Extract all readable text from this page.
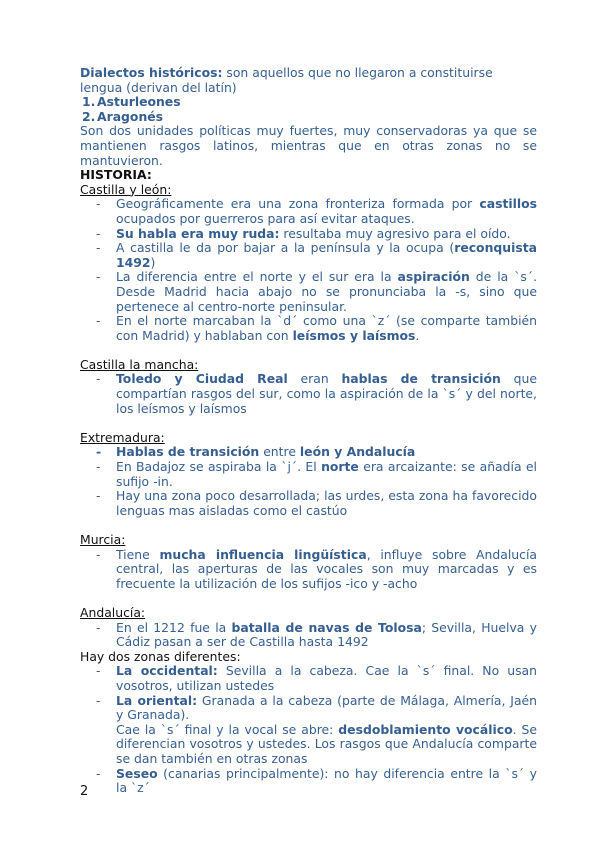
Dialectos históricos: son aquellos que no llegaron a constituirse lengua (derivan del latín)

1. Asturleones
2. Aragonés

Son dos unidades políticas muy fuertes, muy conservadoras ya que se mantienen rasgos latinos, mientras que en otras zonas no se mantuvieron.

HISTORIA:

Castilla y león:

- Geográficamente era una zona fronteriza formada por castillos ocupados por guerreros para así evitar ataques.
- Su habla era muy ruda: resultaba muy agresivo para el oído.
- A castilla le da por bajar a la península y la ocupa (reconquista 1492)
- La diferencia entre el norte y el sur era la aspiración de la `s´. Desde Madrid hacia abajo no se pronunciaba la -s, sino que pertenece al centro-norte peninsular.
- En el norte marcaban la `d´ como una `z´ (se comparte también con Madrid) y hablaban con leísmos y laísmos.

Castilla la mancha:

- Toledo y Ciudad Real eran hablas de transición que compartían rasgos del sur, como la aspiración de la `s´ y del norte, los leísmos y laísmos

Extremadura:

- Hablas de transición entre león y Andalucía
- En Badajoz se aspiraba la `j´. El norte era arcaizante: se añadía el sufijo -in.
- Hay una zona poco desarrollada; las urdes, esta zona ha favorecido lenguas mas aisladas como el castúo

Murcia:

- Tiene mucha influencia lingüística, influye sobre Andalucía central, las aperturas de las vocales son muy marcadas y es frecuente la utilización de los sufijos -ico y -acho

Andalucía:

- En el 1212 fue la batalla de navas de Tolosa; Sevilla, Huelva y Cádiz pasan a ser de Castilla hasta 1492

Hay dos zonas diferentes:

- La occidental: Sevilla a la cabeza. Cae la `s´ final. No usan vosotros, utilizan ustedes
- La oriental: Granada a la cabeza (parte de Málaga, Almería, Jaén y Granada).
Cae la `s´ final y la vocal se abre: desdoblamiento vocálico. Se diferencian vosotros y ustedes. Los rasgos que Andalucía comparte se dan también en otras zonas
- Seseo (canarias principalmente): no hay diferencia entre la `s´ y la `z´
2
